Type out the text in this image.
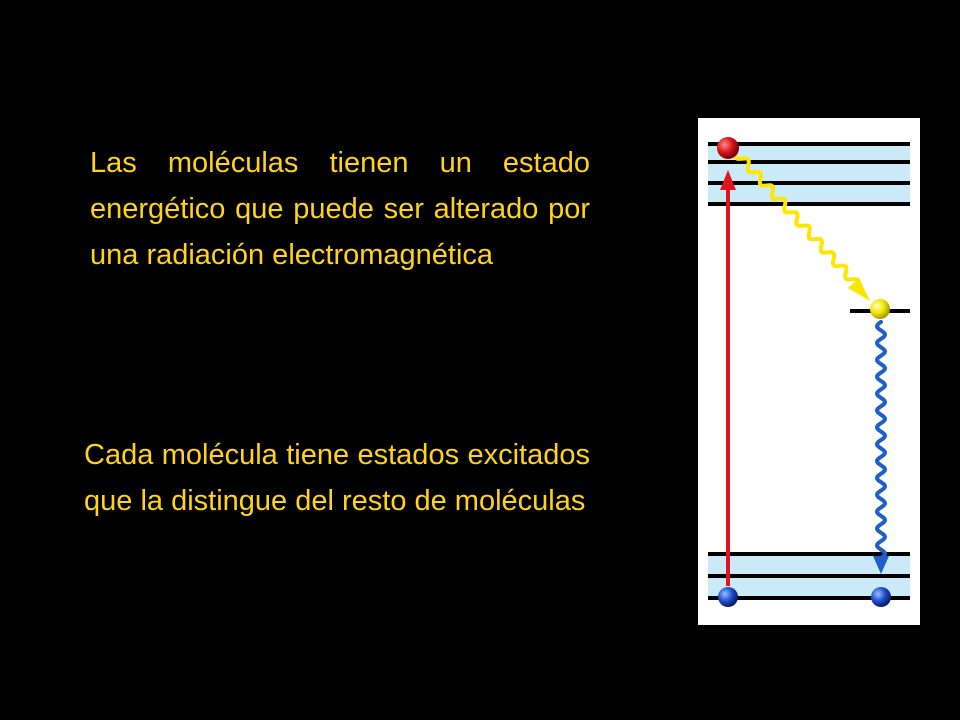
Las moléculas tienen un estado energético que puede ser alterado por una radiación electromagnética

Cada molécula tiene estados excitados que la distingue del resto de moléculas
